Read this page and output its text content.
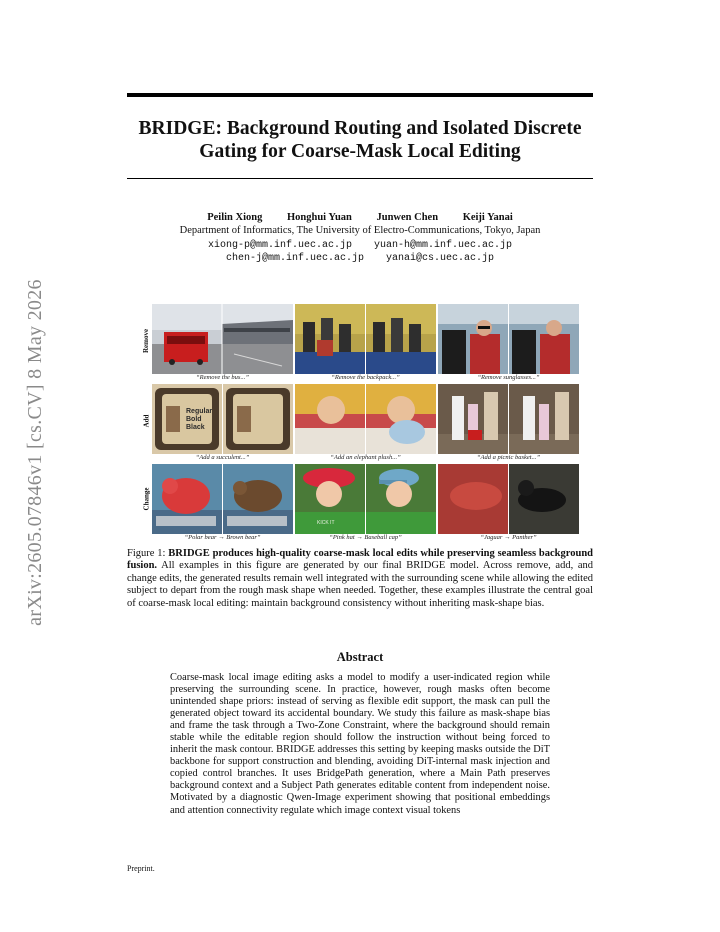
arXiv:2605.07846v1 [cs.CV] 8 May 2026
BRIDGE: Background Routing and Isolated Discrete Gating for Coarse-Mask Local Editing
Peilin Xiong Honghui Yuan Junwen Chen Keiji Yanai
Department of Informatics, The University of Electro-Communications, Tokyo, Japan
xiong-p@mm.inf.uec.ac.jp yuan-h@mm.inf.uec.ac.jp
chen-j@mm.inf.uec.ac.jp yanai@cs.uec.ac.jp
Remove
Add
Change
“Remove the bus...”	“Remove the backpack...”	“Remove sunglasses...”
Regular Bold Black
“Add a succulent...”	“Add an elephant plush...”	“Add a picnic basket...”
KICK IT
“Polar bear → Brown bear”	“Pink hat → Baseball cap”	“Jaguar → Panther”
Figure 1: BRIDGE produces high-quality coarse-mask local edits while preserving seamless background fusion. All examples in this figure are generated by our final BRIDGE model. Across remove, add, and change edits, the generated results remain well integrated with the surrounding scene while allowing the edited subject to depart from the rough mask shape when needed. Together, these examples illustrate the central goal of coarse-mask local editing: maintain background consistency without inheriting mask-shape bias.
Abstract
Coarse-mask local image editing asks a model to modify a user-indicated region while preserving the surrounding scene. In practice, however, rough masks often become unintended shape priors: instead of serving as flexible edit support, the mask can pull the generated object toward its accidental boundary. We study this failure as mask-shape bias and frame the task through a Two-Zone Constraint, where the background should remain stable while the editable region should follow the instruction without being forced to inherit the mask contour. BRIDGE addresses this setting by keeping masks outside the DiT backbone for support construction and blending, avoiding DiT-internal mask injection and copied control branches. It uses BridgePath generation, where a Main Path preserves background context and a Subject Path generates editable content from independent noise. Motivated by a diagnostic Qwen-Image experiment showing that positional embeddings and attention connectivity regulate which image context visual tokens
Preprint.
